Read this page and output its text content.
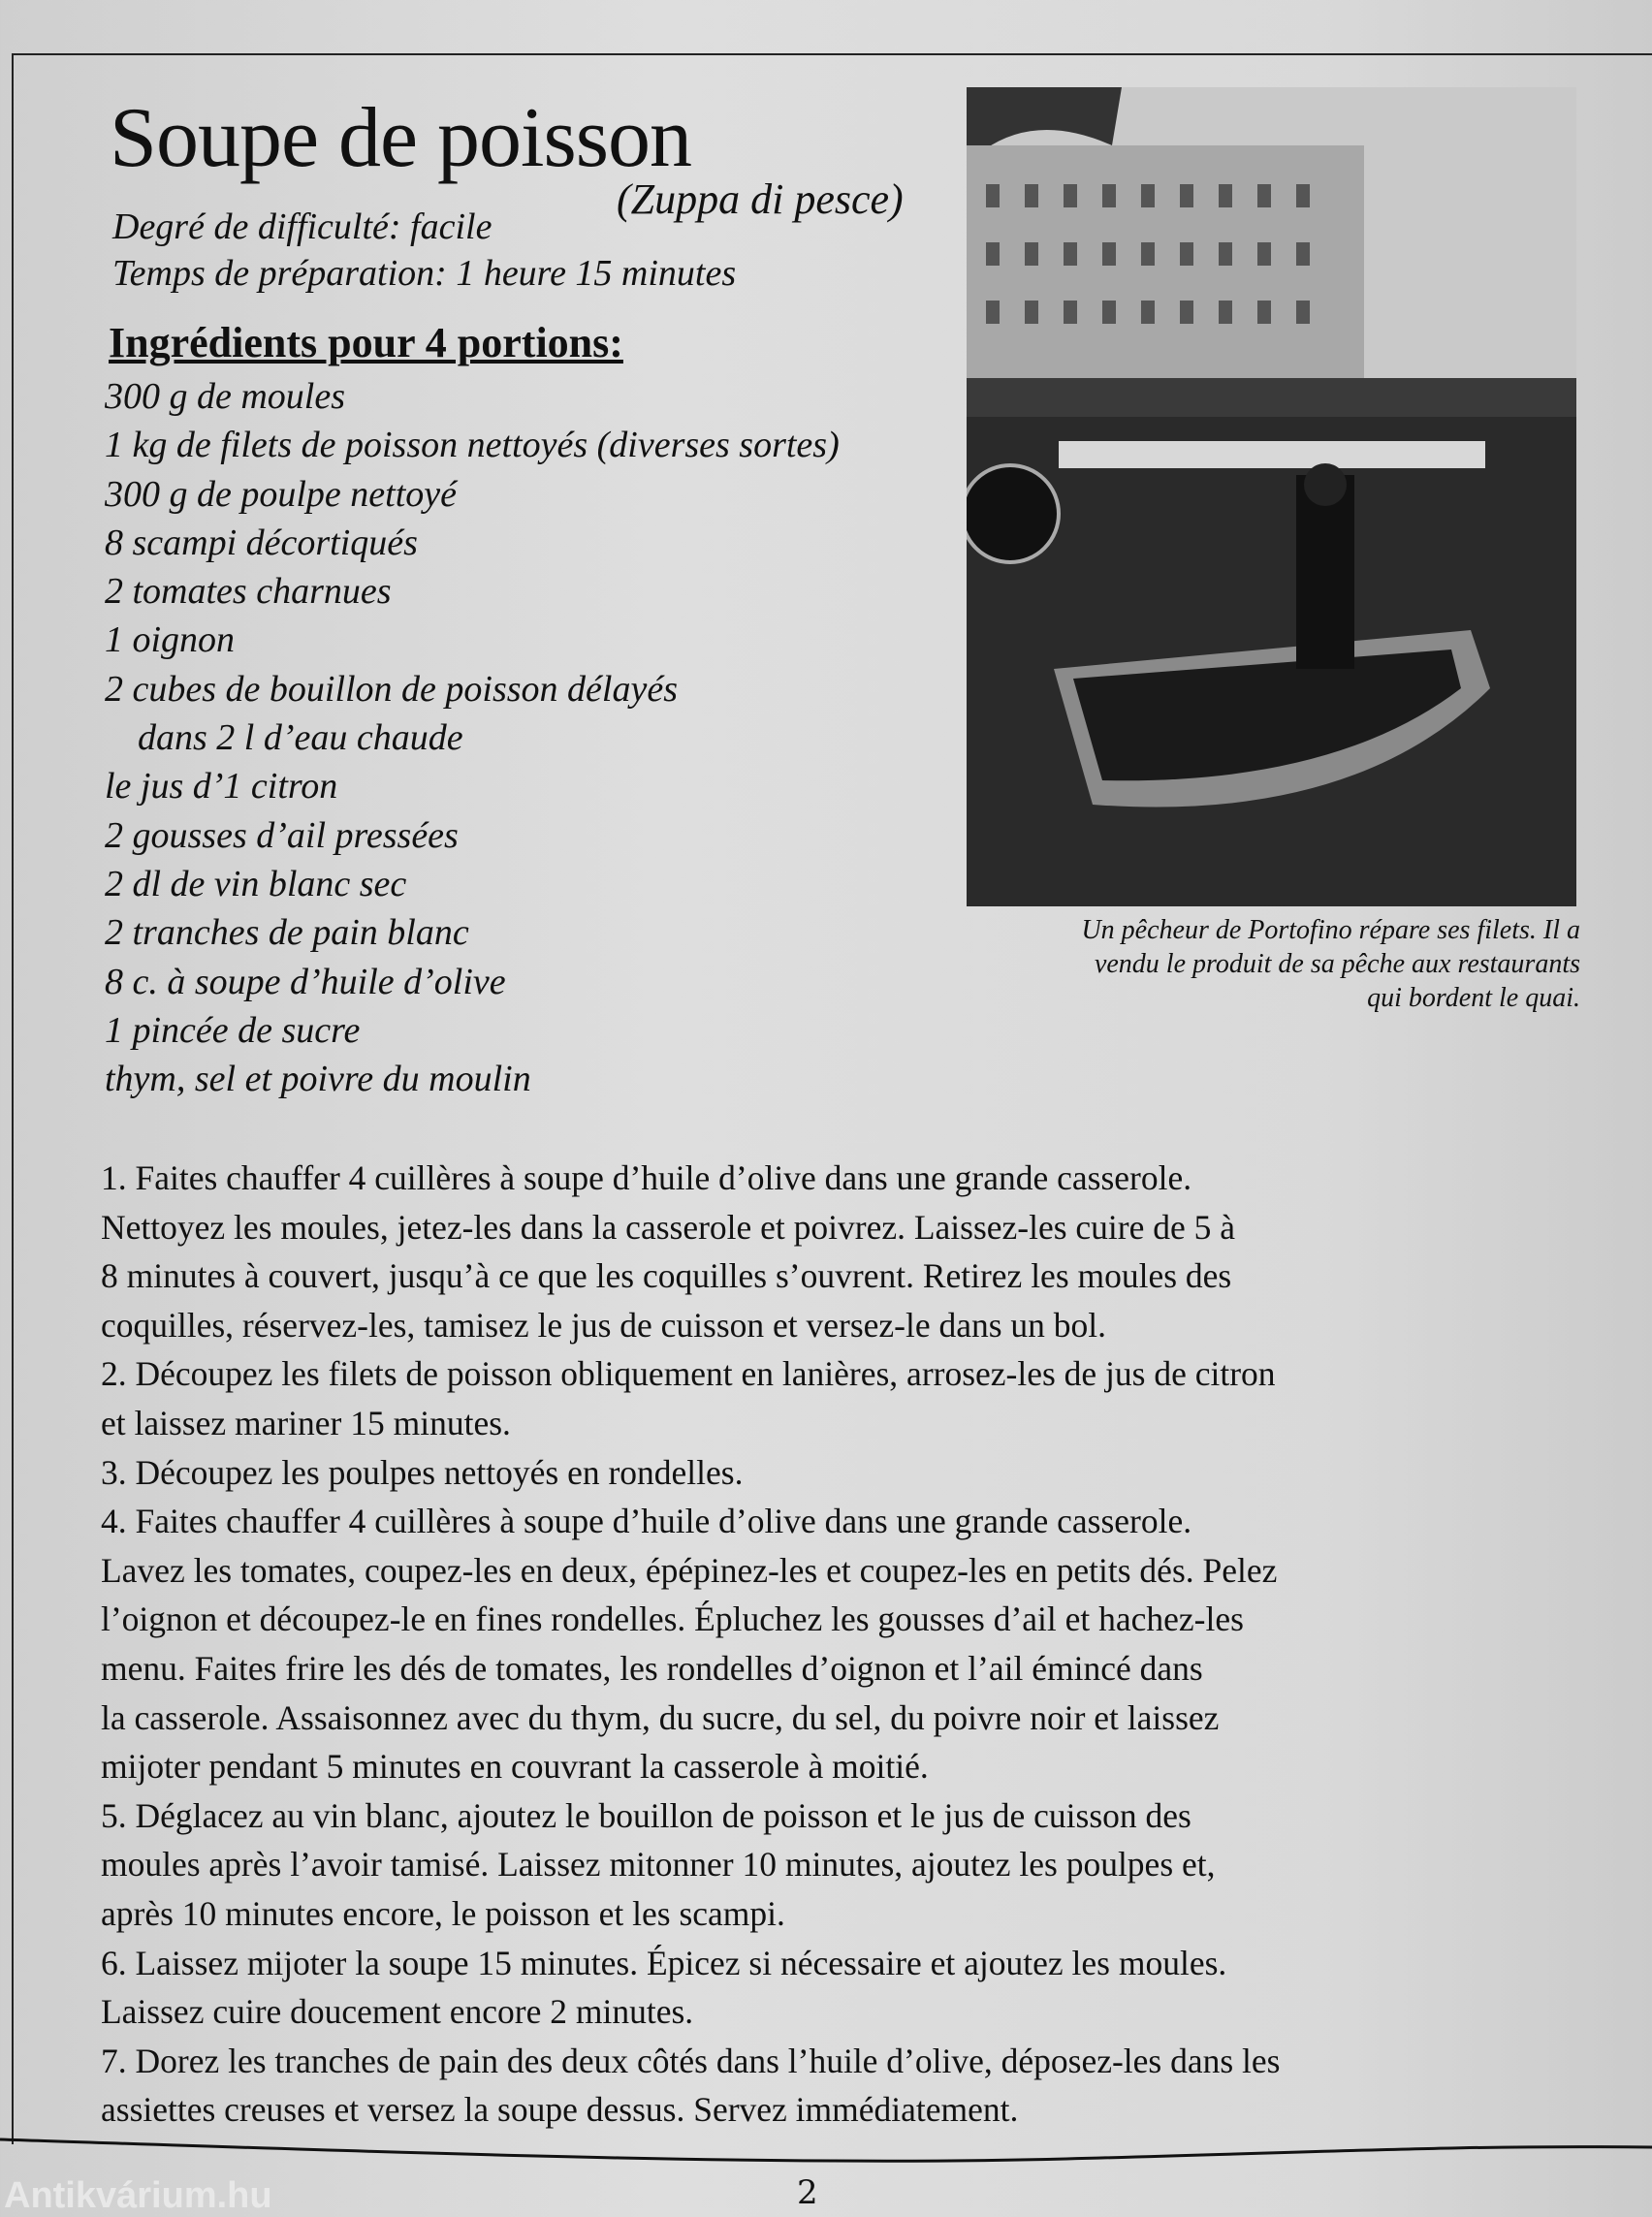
Soupe de poisson
(Zuppa di pesce)
Degré de difficulté: facile
Temps de préparation: 1 heure 15 minutes
Ingrédients pour 4 portions:
300 g de moules
1 kg de filets de poisson nettoyés (diverses sortes)
300 g de poulpe nettoyé
8 scampi décortiqués
2 tomates charnues
1 oignon
2 cubes de bouillon de poisson délayés
dans 2 l d’eau chaude
le jus d’1 citron
2 gousses d’ail pressées
2 dl de vin blanc sec
2 tranches de pain blanc
8 c. à soupe d’huile d’olive
1 pincée de sucre
thym, sel et poivre du moulin
Un pêcheur de Portofino répare ses filets. Il a
vendu le produit de sa pêche aux restaurants
qui bordent le quai.
1. Faites chauffer 4 cuillères à soupe d’huile d’olive dans une grande casserole.
Nettoyez les moules, jetez-les dans la casserole et poivrez. Laissez-les cuire de 5 à
8 minutes à couvert, jusqu’à ce que les coquilles s’ouvrent. Retirez les moules des
coquilles, réservez-les, tamisez le jus de cuisson et versez-le dans un bol.
2. Découpez les filets de poisson obliquement en lanières, arrosez-les de jus de citron
et laissez mariner 15 minutes.
3. Découpez les poulpes nettoyés en rondelles.
4. Faites chauffer 4 cuillères à soupe d’huile d’olive dans une grande casserole.
Lavez les tomates, coupez-les en deux, épépinez-les et coupez-les en petits dés. Pelez
l’oignon et découpez-le en fines rondelles. Épluchez les gousses d’ail et hachez-les
menu. Faites frire les dés de tomates, les rondelles d’oignon et l’ail émincé dans
la casserole. Assaisonnez avec du thym, du sucre, du sel, du poivre noir et laissez
mijoter pendant 5 minutes en couvrant la casserole à moitié.
5. Déglacez au vin blanc, ajoutez le bouillon de poisson et le jus de cuisson des
moules après l’avoir tamisé. Laissez mitonner 10 minutes, ajoutez les poulpes et,
après 10 minutes encore, le poisson et les scampi.
6. Laissez mijoter la soupe 15 minutes. Épicez si nécessaire et ajoutez les moules.
Laissez cuire doucement encore 2 minutes.
7. Dorez les tranches de pain des deux côtés dans l’huile d’olive, déposez-les dans les
assiettes creuses et versez la soupe dessus. Servez immédiatement.
Antikvárium.hu	2
